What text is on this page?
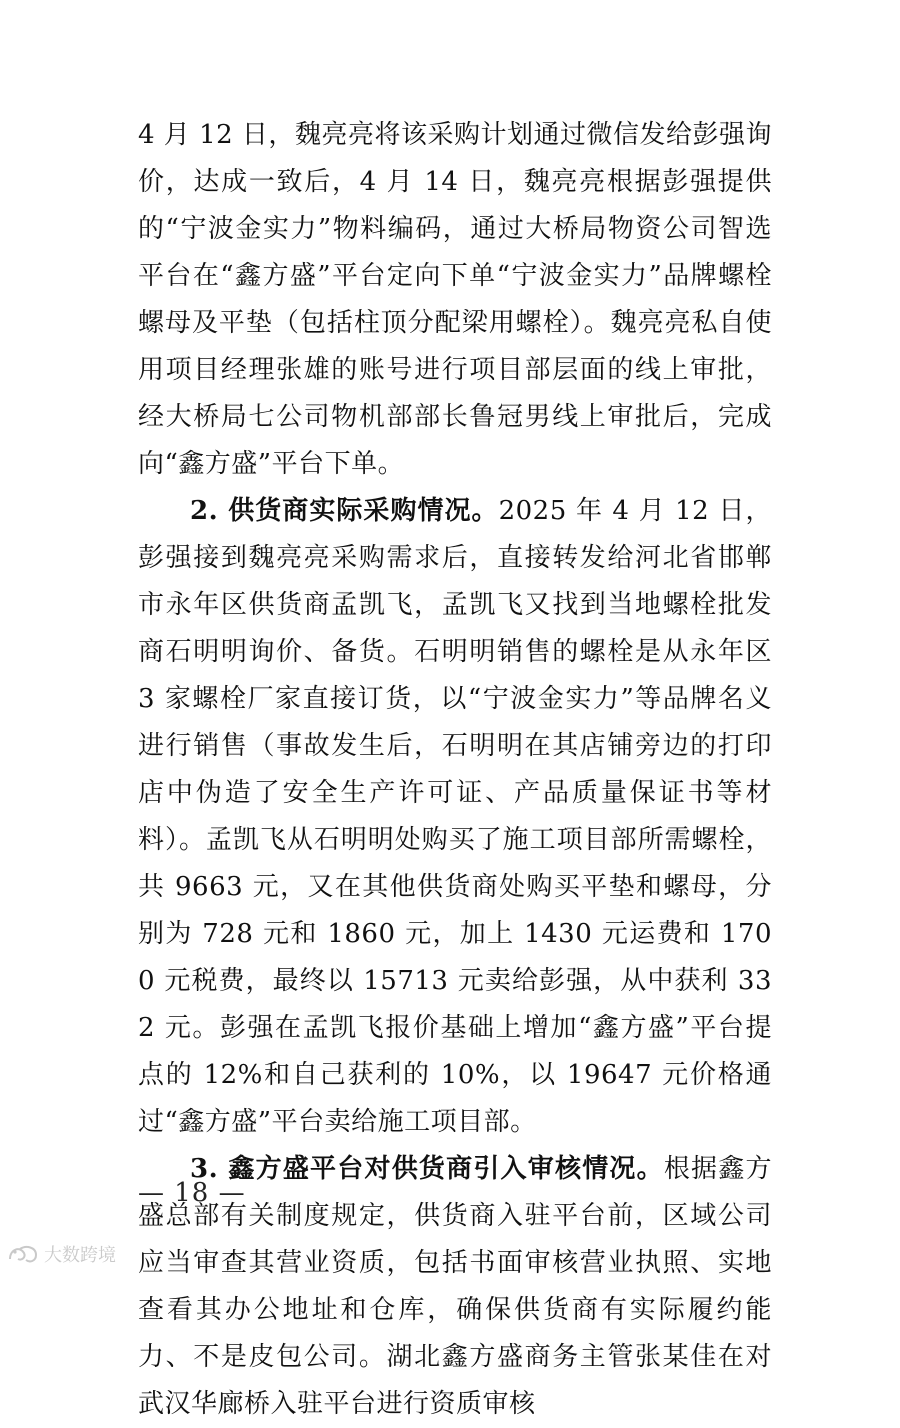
4 月 12 日，魏亮亮将该采购计划通过微信发给彭强询价，达成一致后，4 月 14 日，魏亮亮根据彭强提供的“宁波金实力”物料编码，通过大桥局物资公司智选平台在“鑫方盛”平台定向下单“宁波金实力”品牌螺栓螺母及平垫（包括柱顶分配梁用螺栓）。魏亮亮私自使用项目经理张雄的账号进行项目部层面的线上审批，经大桥局七公司物机部部长鲁冠男线上审批后，完成向“鑫方盛”平台下单。

2. 供货商实际采购情况。2025 年 4 月 12 日，彭强接到魏亮亮采购需求后，直接转发给河北省邯郸市永年区供货商孟凯飞，孟凯飞又找到当地螺栓批发商石明明询价、备货。石明明销售的螺栓是从永年区 3 家螺栓厂家直接订货，以“宁波金实力”等品牌名义进行销售（事故发生后，石明明在其店铺旁边的打印店中伪造了安全生产许可证、产品质量保证书等材料）。孟凯飞从石明明处购买了施工项目部所需螺栓，共 9663 元，又在其他供货商处购买平垫和螺母，分别为 728 元和 1860 元，加上 1430 元运费和 1700 元税费，最终以 15713 元卖给彭强，从中获利 332 元。彭强在孟凯飞报价基础上增加“鑫方盛”平台提点的 12%和自己获利的 10%，以 19647 元价格通过“鑫方盛”平台卖给施工项目部。

3. 鑫方盛平台对供货商引入审核情况。根据鑫方盛总部有关制度规定，供货商入驻平台前，区域公司应当审查其营业资质，包括书面审核营业执照、实地查看其办公地址和仓库，确保供货商有实际履约能力、不是皮包公司。湖北鑫方盛商务主管张某佳在对武汉华廊桥入驻平台进行资质审核

— 18 —
大数跨境
